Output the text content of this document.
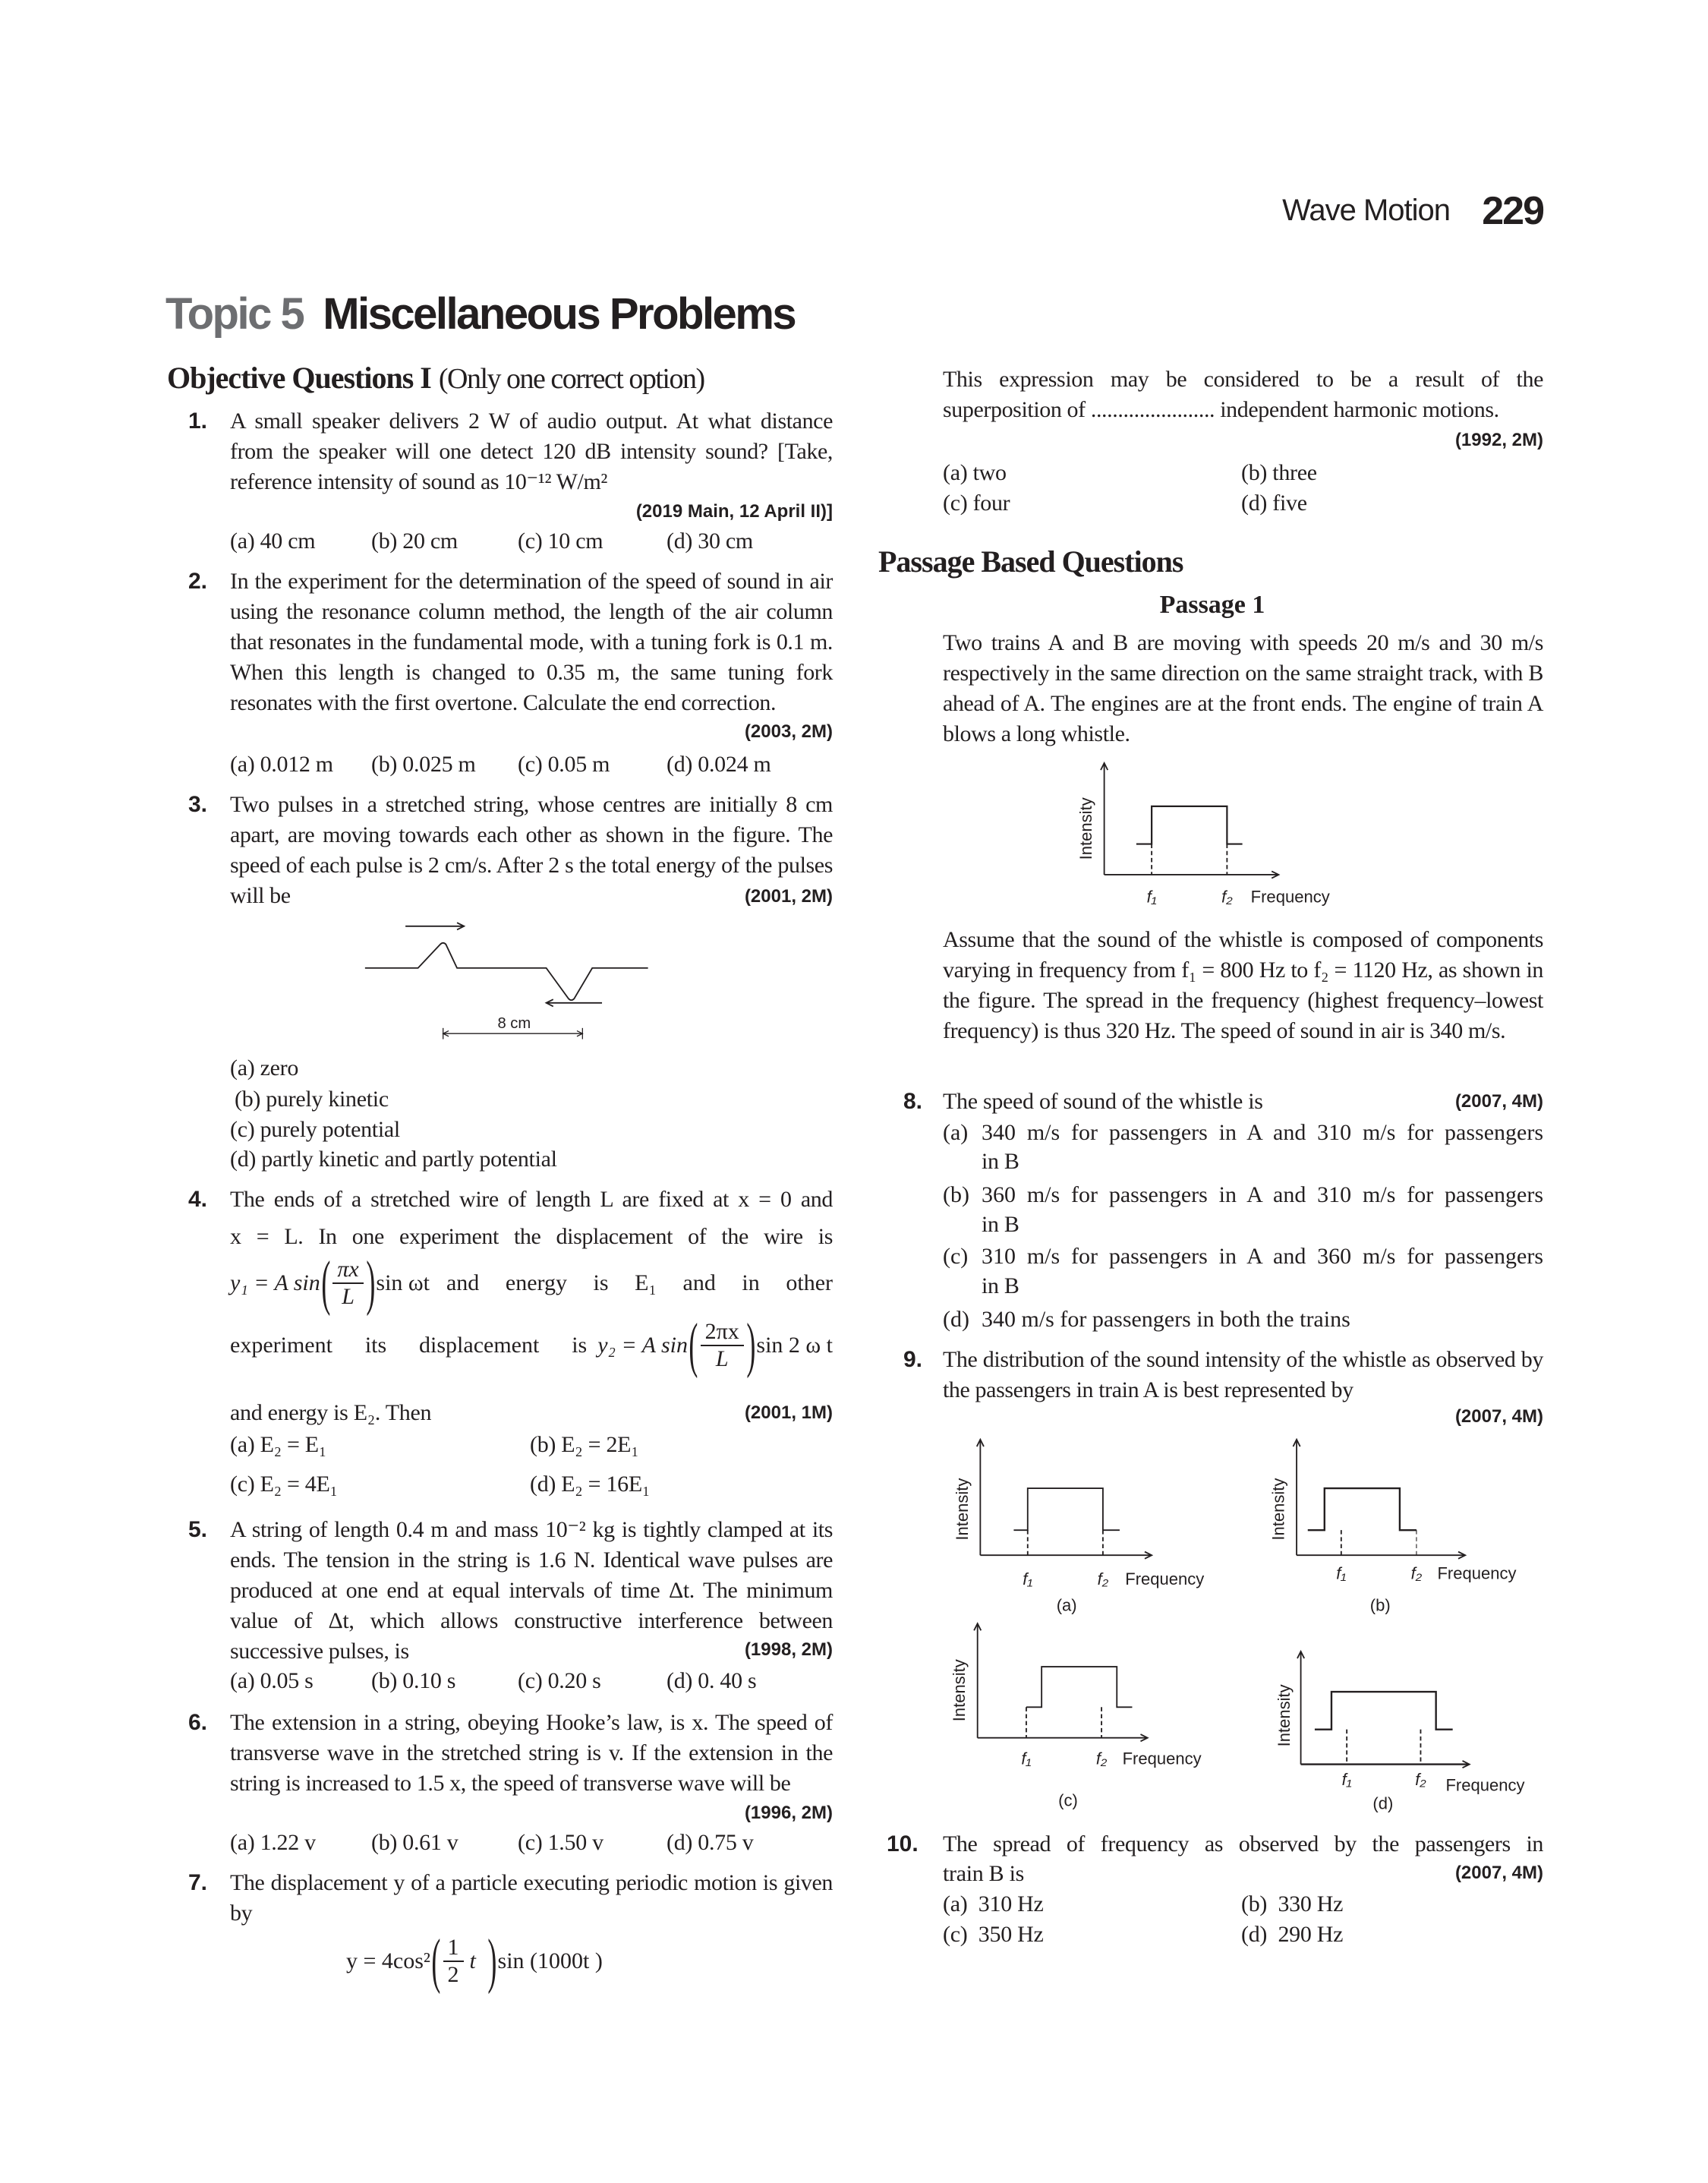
Wave Motion 229
Topic 5 Miscellaneous Problems
Objective Questions I (Only one correct option)
1. A small speaker delivers 2 W of audio output. At what distance from the speaker will one detect 120 dB intensity sound? [Take, reference intensity of sound as 10⁻¹² W/m²
(2019 Main, 12 April II)]
(a) 40 cm (b) 20 cm	(c) 10 cm	(d) 30 cm
2. In the experiment for the determination of the speed of sound in air using the resonance column method, the length of the air column that resonates in the fundamental mode, with a tuning fork is 0.1 m. When this length is changed to 0.35 m, the same tuning fork resonates with the first overtone. Calculate the end correction.
(2003, 2M)
(a) 0.012 m (b) 0.025 m (c) 0.05 m (d) 0.024 m
3. Two pulses in a stretched string, whose centres are initially 8 cm apart, are moving towards each other as shown in the figure. The speed of each pulse is 2 cm/s. After 2 s the total energy of the pulses will be	(2001, 2M)
8 cm
(a) zero
(b) purely kinetic
(c) purely potential
(d) partly kinetic and partly potential
4. The ends of a stretched wire of length L are fixed at x = 0 and
x = L. In one experiment the displacement of the wire is
y₁ = A sin ( $\frac{\pi x}{L}$ ) sin ωt and energy is E₁ and in other
experiment its displacement is y₂ = A sin ( $\frac{2\pi x}{L}$ ) sin 2 ω t
and energy is E₂. Then	(2001, 1M)
(a) E₂ = E₁	(b) E₂ = 2E₁
(c) E₂ = 4E₁	(d) E₂ = 16E₁
5. A string of length 0.4 m and mass 10⁻² kg is tightly clamped at its ends. The tension in the string is 1.6 N. Identical wave pulses are produced at one end at equal intervals of time Δt. The minimum value of Δt, which allows constructive interference between successive pulses, is	(1998, 2M)
(a) 0.05 s	(b) 0.10 s	(c) 0.20 s	(d) 0. 40 s
6. The extension in a string, obeying Hooke’s law, is x. The speed of transverse wave in the stretched string is v. If the extension in the string is increased to 1.5 x, the speed of transverse wave will be
(1996, 2M)
(a) 1.22 v (b) 0.61 v	(c) 1.50 v	(d) 0.75 v
7. The displacement y of a particle executing periodic motion is given by
y = 4cos² ( $\frac{1}{2}$ t ) sin (1000t )
This expression may be considered to be a result of the superposition of ....................... independent harmonic motions.
(1992, 2M)
(a) two	(b) three
(c) four	(d) five
Passage Based Questions
Passage 1
Two trains A and B are moving with speeds 20 m/s and 30 m/s respectively in the same direction on the same straight track, with B ahead of A. The engines are at the front ends. The engine of train A blows a long whistle.
Intensity
f₁	f₂ Frequency
Assume that the sound of the whistle is composed of components varying in frequency from f₁ = 800 Hz to f₂ = 1120 Hz, as shown in the figure. The spread in the frequency (highest frequency–lowest frequency) is thus 320 Hz. The speed of sound in air is 340 m/s.
8. The speed of sound of the whistle is	(2007, 4M)
(a) 340 m/s for passengers in A and 310 m/s for passengers
in B
(b) 360 m/s for passengers in A and 310 m/s for passengers
in B
(c) 310 m/s for passengers in A and 360 m/s for passengers
in B
(d) 340 m/s for passengers in both the trains
9. The distribution of the sound intensity of the whistle as observed by the passengers in train A is best represented by
(2007, 4M)
Intensity
f₁	f₂ Frequency
(a)
Intensity
f₁	f₂ Frequency
(b)
Intensity
f₁	f₂ Frequency
(c)
Intensity
f₁	f₂ Frequency
(d)
10. The spread of frequency as observed by the passengers in
train B is	(2007, 4M)
(a)  310 Hz	(b)  330 Hz
(c)  350 Hz	(d)  290 Hz
